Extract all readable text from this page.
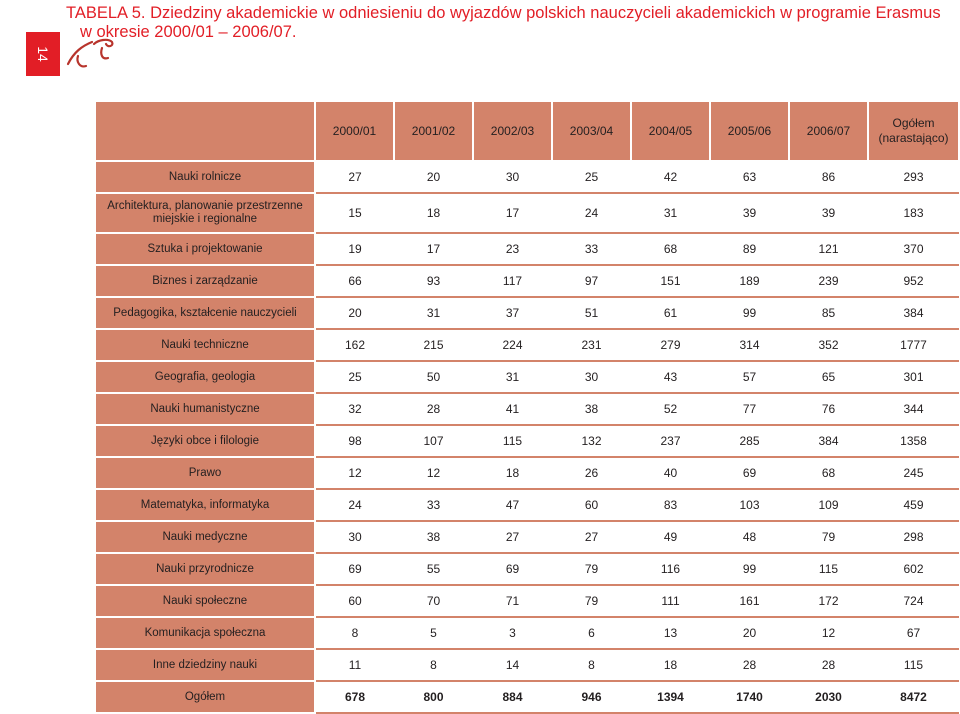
14
TABELA 5. Dziedziny akademickie w odniesieniu do wyjazdów polskich nauczycieli akademickich w programie Erasmus
w okresie 2000/01 – 2006/07.
	2000/01	2001/02	2002/03	2003/04	2004/05	2005/06	2006/07	Ogółem (narastająco)
Nauki rolnicze	27	20	30	25	42	63	86	293
Architektura, planowanie przestrzenne miejskie i regionalne	15	18	17	24	31	39	39	183
Sztuka i projektowanie	19	17	23	33	68	89	121	370
Biznes i zarządzanie	66	93	117	97	151	189	239	952
Pedagogika, kształcenie nauczycieli	20	31	37	51	61	99	85	384
Nauki techniczne	162	215	224	231	279	314	352	1777
Geografia, geologia	25	50	31	30	43	57	65	301
Nauki humanistyczne	32	28	41	38	52	77	76	344
Języki obce i filologie	98	107	115	132	237	285	384	1358
Prawo	12	12	18	26	40	69	68	245
Matematyka, informatyka	24	33	47	60	83	103	109	459
Nauki medyczne	30	38	27	27	49	48	79	298
Nauki przyrodnicze	69	55	69	79	116	99	115	602
Nauki społeczne	60	70	71	79	111	161	172	724
Komunikacja społeczna	8	5	3	6	13	20	12	67
Inne dziedziny nauki	11	8	14	8	18	28	28	115
Ogółem	678	800	884	946	1394	1740	2030	8472
